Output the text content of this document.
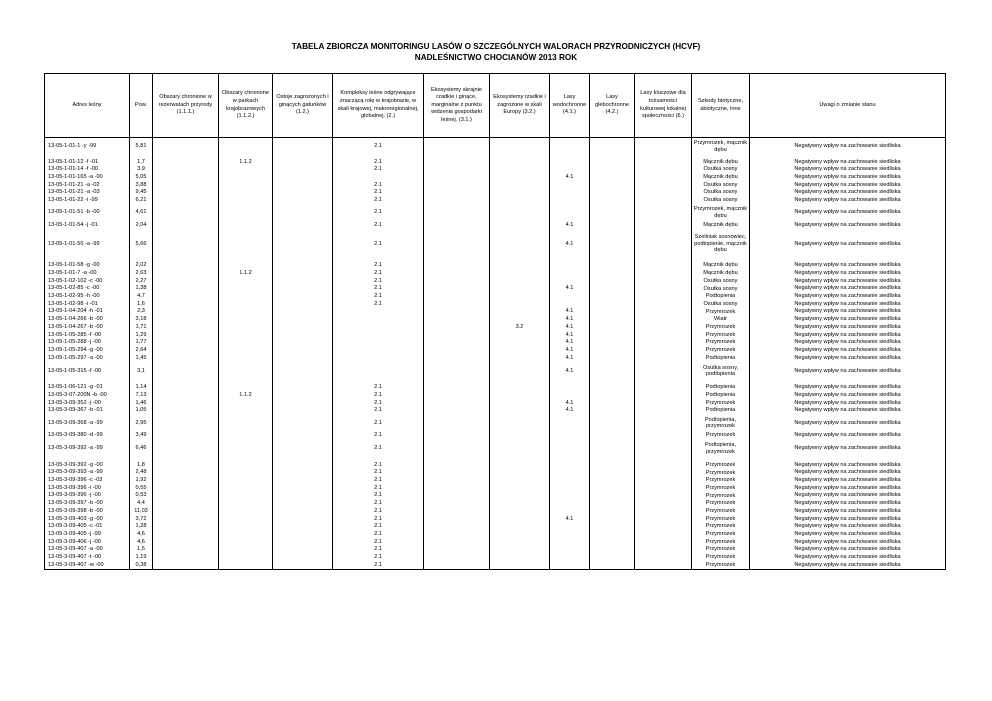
TABELA ZBIORCZA MONITORINGU LASÓW O SZCZEGÓLNYCH WALORACH PRZYRODNICZYCH (HCVF)
NADLEŚNICTWO CHOCIANÓW 2013 ROK
Adres leśny	Pow.	Obszary chronione w rezerwatach przyrody (1.1.1.)	Obszary chronione w parkach krajobrazowych (1.1.2.)	Ostoje zagrożonych i ginących gatunków (1.2.)	Kompleksy leśne odgrywające znaczącą rolę w krajobrazie, w skali krajowej, makroregionalnej, globalnej. (2.)	Ekosystemy skrajnie rzadkie i ginące, marginalne z punktu widzenia gospodarki leśnej. (3.1.)	Ekosystemy rzadkie i zagrożone w skali Europy (3.2.)	Lasy wodochronne (4.1.)	Lasy glebochronne (4.2.)	Lasy kluczowe dla tożsamości kulturowej lokalnej społeczności (6.)	Szkody biotyczne, abiotyczne, inne	Uwagi o zmianie stanu
13-05-1-01-1 -y -99	5,81				2.1						Przymrozek, mącznik dębu	Negatywny wpływ na zachowanie siedliska

13-05-1-01-12 -f -01	1,7		1.1.2		2.1						Mącznik dębu	Negatywny wpływ na zachowanie siedliska
13-05-1-01-14 -f -00	3,9				2.1						Osutka sosny	Negatywny wpływ na zachowanie siedliska
13-05-1-01-165 -a -00	5,05							4.1			Mącznik dębu	Negatywny wpływ na zachowanie siedliska
13-05-1-01-21 -a -02	3,88				2.1						Osutka sosny	Negatywny wpływ na zachowanie siedliska
13-05-1-01-21 -a -03	9,45				2.1						Osutka sosny	Negatywny wpływ na zachowanie siedliska
13-05-1-01-22 -i -99	6,21				2.1						Osutka sosny	Negatywny wpływ na zachowanie siedliska
13-05-1-01-51 -b -00	4,61				2.1						Przymrozek, mącznik dębu	Negatywny wpływ na zachowanie siedliska
13-05-1-01-54 -j -01	2,04				2.1			4.1			Mącznik dębu	Negatywny wpływ na zachowanie siedliska
13-05-1-01-55 -a -99	5,66				2.1			4.1			Szeliniak sosnowiec, podtopienie, mącznik dębu	Negatywny wpływ na zachowanie siedliska

13-05-1-01-58 -g -00	2,02				2.1						Mącznik dębu	Negatywny wpływ na zachowanie siedliska
13-05-1-01-7 -a -00	2,63		1.1.2		2.1						Mącznik dębu	Negatywny wpływ na zachowanie siedliska
13-05-1-02-102 -c -00	2,27				2.1						Osutka sosny	Negatywny wpływ na zachowanie siedliska
13-05-1-02-85 -c -00	1,38				2.1			4.1			Osutka sosny	Negatywny wpływ na zachowanie siedliska
13-05-1-02-95 -h -00	4,7				2.1						Podtopienia	Negatywny wpływ na zachowanie siedliska
13-05-1-02-98 -i -01	1,6				2.1						Osutka sosny	Negatywny wpływ na zachowanie siedliska
13-05-1-04-204 -h -01	2,3							4.1			Przymrozek	Negatywny wpływ na zachowanie siedliska
13-05-1-04-266 -b -00	3,18							4.1			Wiatr	Negatywny wpływ na zachowanie siedliska
13-05-1-04-267 -b -00	1,71						3.2	4.1			Przymrozek	Negatywny wpływ na zachowanie siedliska
13-05-1-05-285 -f -00	1,29							4.1			Przymrozek	Negatywny wpływ na zachowanie siedliska
13-05-1-05-288 -j -00	1,77							4.1			Przymrozek	Negatywny wpływ na zachowanie siedliska
13-05-1-05-294 -g -00	2,64							4.1			Przymrozek	Negatywny wpływ na zachowanie siedliska
13-05-1-05-297 -a -00	1,45							4.1			Podtopienia	Negatywny wpływ na zachowanie siedliska
13-05-1-05-315 -f -00	3,1							4.1			Osutka sosny, podtopienia	Negatywny wpływ na zachowanie siedliska

13-05-1-06-121 -g -01	1,14				2.1						Podtopienia	Negatywny wpływ na zachowanie siedliska
13-05-3-07-200N -b -00	7,13		1.1.2		2.1						Podtopienia	Negatywny wpływ na zachowanie siedliska
13-05-3-09-352 -j -00	1,46				2.1			4.1			Przymrozek	Negatywny wpływ na zachowanie siedliska
13-05-3-09-367 -b -01	1,05				2.1			4.1			Podtopienia	Negatywny wpływ na zachowanie siedliska
13-05-3-09-368 -a -99	2,95				2.1						Podtopienia, przymrozek	Negatywny wpływ na zachowanie siedliska
13-05-3-09-380 -d -99	3,49				2.1						Przymrozek	Negatywny wpływ na zachowanie siedliska
13-05-3-09-392 -a -99	6,46				2.1						Podtopienia, przymrozek	Negatywny wpływ na zachowanie siedliska

13-05-3-09-392 -g -00	1,8				2.1						Przymrozek	Negatywny wpływ na zachowanie siedliska
13-05-3-09-393 -a -99	2,48				2.1						Przymrozek	Negatywny wpływ na zachowanie siedliska
13-05-3-09-396 -c -03	1,92				2.1						Przymrozek	Negatywny wpływ na zachowanie siedliska
13-05-3-09-396 -i -00	0,55				2.1						Przymrozek	Negatywny wpływ na zachowanie siedliska
13-05-3-09-396 -j -00	0,53				2.1						Przymrozek	Negatywny wpływ na zachowanie siedliska
13-05-3-09-397 -b -00	4,4				2.1						Przymrozek	Negatywny wpływ na zachowanie siedliska
13-05-3-09-398 -b -00	11,03				2.1						Przymrozek	Negatywny wpływ na zachowanie siedliska
13-05-3-09-403 -g -00	3,72				2.1			4.1			Przymrozek	Negatywny wpływ na zachowanie siedliska
13-05-3-09-405 -c -01	1,28				2.1						Przymrozek	Negatywny wpływ na zachowanie siedliska
13-05-3-09-405 -j -99	4,6				2.1						Przymrozek	Negatywny wpływ na zachowanie siedliska
13-05-3-09-406 -j -00	4,6				2.1						Przymrozek	Negatywny wpływ na zachowanie siedliska
13-05-3-09-407 -a -00	1,5				2.1						Przymrozek	Negatywny wpływ na zachowanie siedliska
13-05-3-09-407 -t -00	1,19				2.1						Przymrozek	Negatywny wpływ na zachowanie siedliska
13-05-3-09-407 -w -00	0,38				2.1						Przymrozek	Negatywny wpływ na zachowanie siedliska
